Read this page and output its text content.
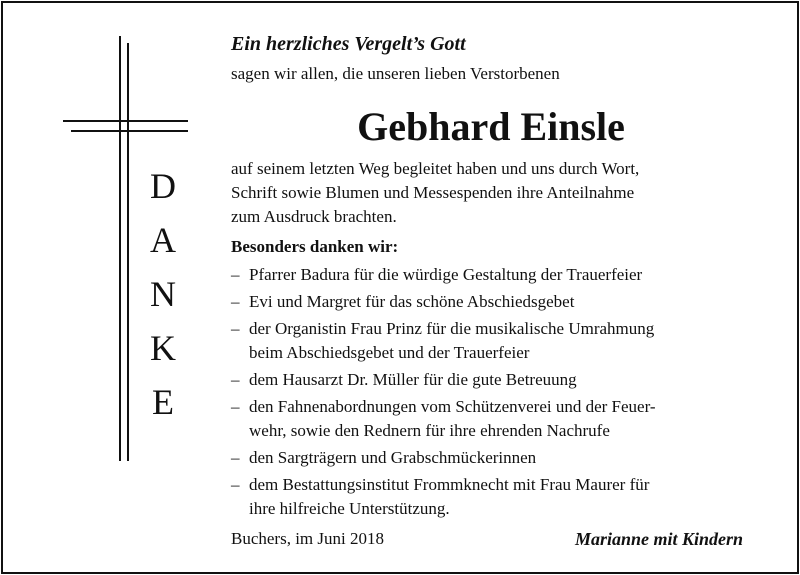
D
A
N
K
E
Ein herzliches Vergelt’s Gott
sagen wir allen, die unseren lieben Verstorbenen
Gebhard Einsle
auf seinem letzten Weg begleitet haben und uns durch Wort,
Schrift sowie Blumen und Messespenden ihre Anteilnahme
zum Ausdruck brachten.
Besonders danken wir:
– Pfarrer Badura für die würdige Gestaltung der Trauerfeier
– Evi und Margret für das schöne Abschiedsgebet
– der Organistin Frau Prinz für die musikalische Umrahmung
beim Abschiedsgebet und der Trauerfeier
– dem Hausarzt Dr. Müller für die gute Betreuung
– den Fahnenabordnungen vom Schützenverei und der Feuer-
wehr, sowie den Rednern für ihre ehrenden Nachrufe
– den Sargträgern und Grabschmückerinnen
– dem Bestattungsinstitut Frommknecht mit Frau Maurer für
ihre hilfreiche Unterstützung.
Buchers, im Juni 2018	Marianne mit Kindern
